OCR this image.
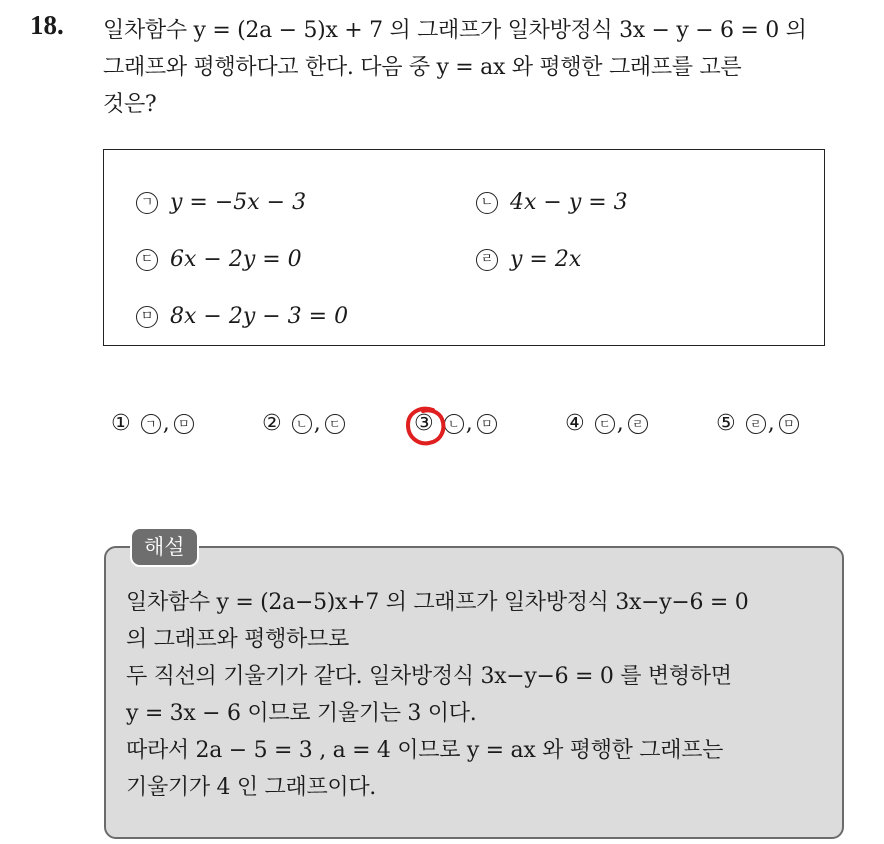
18. 일차함수 y = (2a − 5)x + 7 의 그래프가 일차방정식 3x − y − 6 = 0 의
그래프와 평행하다고 한다. 다음 중 y = ax 와 평행한 그래프를 고른
것은?
ㄱ y = −5x − 3	ㄴ 4x − y = 3
ㄷ 6x − 2y = 0	ㄹ y = 2x
ㅁ 8x − 2y − 3 = 0
①	ㄱ , ㅁ	②	ㄴ , ㄷ	③	ㄴ , ㅁ	④	ㄷ , ㄹ	⑤	ㄹ , ㅁ
해설
일차함수 y = (2a−5)x+7 의 그래프가 일차방정식 3x−y−6 = 0
의 그래프와 평행하므로
두 직선의 기울기가 같다. 일차방정식 3x−y−6 = 0 를 변형하면
y = 3x − 6 이므로 기울기는 3 이다.
따라서 2a − 5 = 3 , a = 4 이므로 y = ax 와 평행한 그래프는
기울기가 4 인 그래프이다.
